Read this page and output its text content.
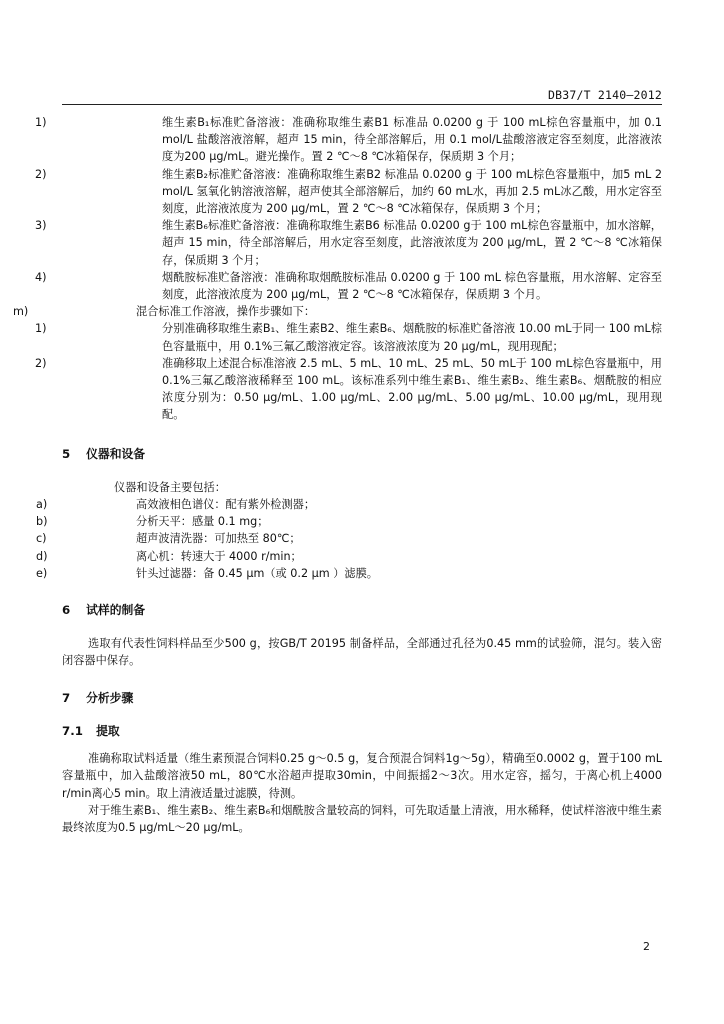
DB37/T 2140—2012
1)	维生素B₁标准贮备溶液：准确称取维生素B1 标准品 0.0200 g 于 100 mL棕色容量瓶中，加 0.1 mol/L 盐酸溶液溶解，超声 15 min，待全部溶解后，用 0.1 mol/L盐酸溶液定容至刻度，此溶液浓度为200 μg/mL。避光操作。置 2 ℃～8 ℃冰箱保存，保质期 3 个月；
2)	维生素B₂标准贮备溶液：准确称取维生素B2 标准品 0.0200 g 于 100 mL棕色容量瓶中，加5 mL 2 mol/L 氢氧化钠溶液溶解，超声使其全部溶解后，加约 60 mL水，再加 2.5 mL冰乙酸，用水定容至刻度，此溶液浓度为 200 μg/mL，置 2 ℃～8 ℃冰箱保存，保质期 3 个月；
3)	维生素B₆标准贮备溶液：准确称取维生素B6 标准品 0.0200 g于 100 mL棕色容量瓶中，加水溶解，超声 15 min，待全部溶解后，用水定容至刻度，此溶液浓度为 200 μg/mL，置 2 ℃～8 ℃冰箱保存，保质期 3 个月；
4)	烟酰胺标准贮备溶液：准确称取烟酰胺标准品 0.0200 g 于 100 mL 棕色容量瓶，用水溶解、定容至刻度，此溶液浓度为 200 μg/mL，置 2 ℃～8 ℃冰箱保存，保质期 3 个月。
m)	混合标准工作溶液，操作步骤如下：
1)	分别准确移取维生素B₁、维生素B2、维生素B₆、烟酰胺的标准贮备溶液 10.00 mL于同一 100 mL棕色容量瓶中，用 0.1%三氟乙酸溶液定容。该溶液浓度为 20 μg/mL，现用现配；
2)	准确移取上述混合标准溶液 2.5 mL、5 mL、10 mL、25 mL、50 mL于 100 mL棕色容量瓶中，用 0.1%三氟乙酸溶液稀释至 100 mL。该标准系列中维生素B₁、维生素B₂、维生素B₆、烟酰胺的相应浓度分别为：0.50 μg/mL、1.00 μg/mL、2.00 μg/mL、5.00 μg/mL、10.00 μg/mL，现用现配。
5 仪器和设备
仪器和设备主要包括：
a)	高效液相色谱仪：配有紫外检测器；
b)	分析天平：感量 0.1 mg；
c)	超声波清洗器：可加热至 80℃；
d)	离心机：转速大于 4000 r/min；
e)	针头过滤器：备 0.45 μm（或 0.2 μm ）滤膜。
6 试样的制备
选取有代表性饲料样品至少500 g，按GB/T 20195 制备样品，全部通过孔径为0.45 mm的试验筛，混匀。装入密闭容器中保存。
7 分析步骤
7.1 提取
准确称取试料适量（维生素预混合饲料0.25 g～0.5 g，复合预混合饲料1g～5g），精确至0.0002 g，置于100 mL容量瓶中，加入盐酸溶液50 mL，80℃水浴超声提取30min，中间振摇2～3次。用水定容，摇匀，于离心机上4000 r/min离心5 min。取上清液适量过滤膜，待测。
对于维生素B₁、维生素B₂、维生素B₆和烟酰胺含量较高的饲料，可先取适量上清液，用水稀释，使试样溶液中维生素最终浓度为0.5 μg/mL～20 μg/mL。
2
